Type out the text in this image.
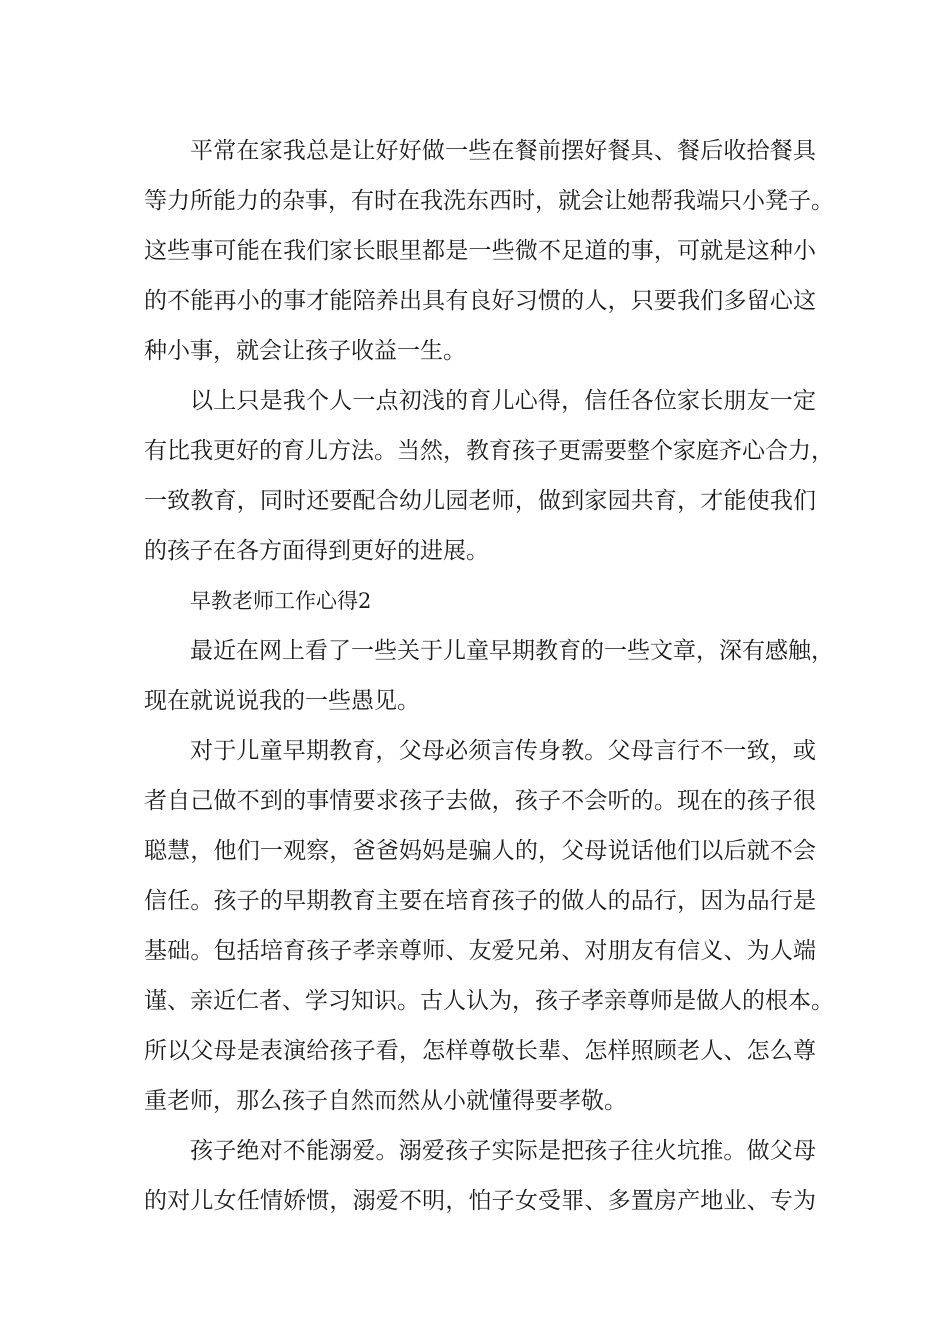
平常在家我总是让好好做一些在餐前摆好餐具、餐后收拾餐具
等力所能力的杂事，有时在我洗东西时，就会让她帮我端只小凳子。
这些事可能在我们家长眼里都是一些微不足道的事，可就是这种小
的不能再小的事才能陪养出具有良好习惯的人，只要我们多留心这
种小事，就会让孩子收益一生。
以上只是我个人一点初浅的育儿心得，信任各位家长朋友一定
有比我更好的育儿方法。当然，教育孩子更需要整个家庭齐心合力，
一致教育，同时还要配合幼儿园老师，做到家园共育，才能使我们
的孩子在各方面得到更好的进展。
早教老师工作心得2
最近在网上看了一些关于儿童早期教育的一些文章，深有感触，
现在就说说我的一些愚见。
对于儿童早期教育，父母必须言传身教。父母言行不一致，或
者自己做不到的事情要求孩子去做，孩子不会听的。现在的孩子很
聪慧，他们一观察，爸爸妈妈是骗人的，父母说话他们以后就不会
信任。孩子的早期教育主要在培育孩子的做人的品行，因为品行是
基础。包括培育孩子孝亲尊师、友爱兄弟、对朋友有信义、为人端
谨、亲近仁者、学习知识。古人认为，孩子孝亲尊师是做人的根本。
所以父母是表演给孩子看，怎样尊敬长辈、怎样照顾老人、怎么尊
重老师，那么孩子自然而然从小就懂得要孝敬。
孩子绝对不能溺爱。溺爱孩子实际是把孩子往火坑推。做父母
的对儿女任情娇惯，溺爱不明，怕子女受罪、多置房产地业、专为
